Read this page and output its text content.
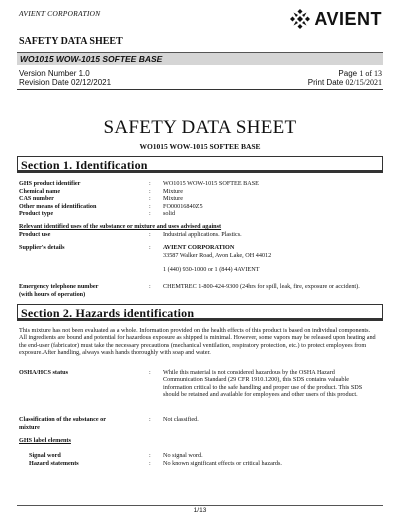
AVIENT CORPORATION
SAFETY DATA SHEET
AVIENT
WO1015 WOW-1015 SOFTEE BASE
Version Number 1.0
Revision Date 02/12/2021
Page 1 of 13
Print Date 02/15/2021
SAFETY DATA SHEET
WO1015 WOW-1015 SOFTEE BASE
Section 1. Identification
GHS product identifier	: WO1015 WOW-1015 SOFTEE BASE
Chemical name	: Mixture
CAS number	: Mixture
Other means of identification	: FO00016840Z5
Product type	: solid
Relevant identified uses of the substance or mixture and uses advised against
Product use	: Industrial applications. Plastics.
Supplier's details	: AVIENT CORPORATION
33587 Walker Road, Avon Lake, OH 44012
1 (440) 930-1000 or 1 (844) 4AVIENT
Emergency telephone number
(with hours of operation)
: CHEMTREC 1-800-424-9300 (24hrs for spill, leak, fire, exposure or accident).
Section 2. Hazards identification
This mixture has not been evaluated as a whole. Information provided on the health effects of this product is based on individual components. All ingredients are bound and potential for hazardous exposure as shipped is minimal. However, some vapors may be released upon heating and the end-user (fabricator) must take the necessary precautions (mechanical ventilation, respiratory protection, etc.) to protect employees from exposure.After handling, always wash hands thoroughly with soap and water.
OSHA/HCS status	: While this material is not considered hazardous by the OSHA Hazard Communication Standard (29 CFR 1910.1200), this SDS contains valuable information critical to the safe handling and proper use of the product. This SDS should be retained and available for employees and other users of this product.
Classification of the substance or
mixture
: Not classified.
GHS label elements
Signal word	: No signal word.
Hazard statements	: No known significant effects or critical hazards.
1/13
